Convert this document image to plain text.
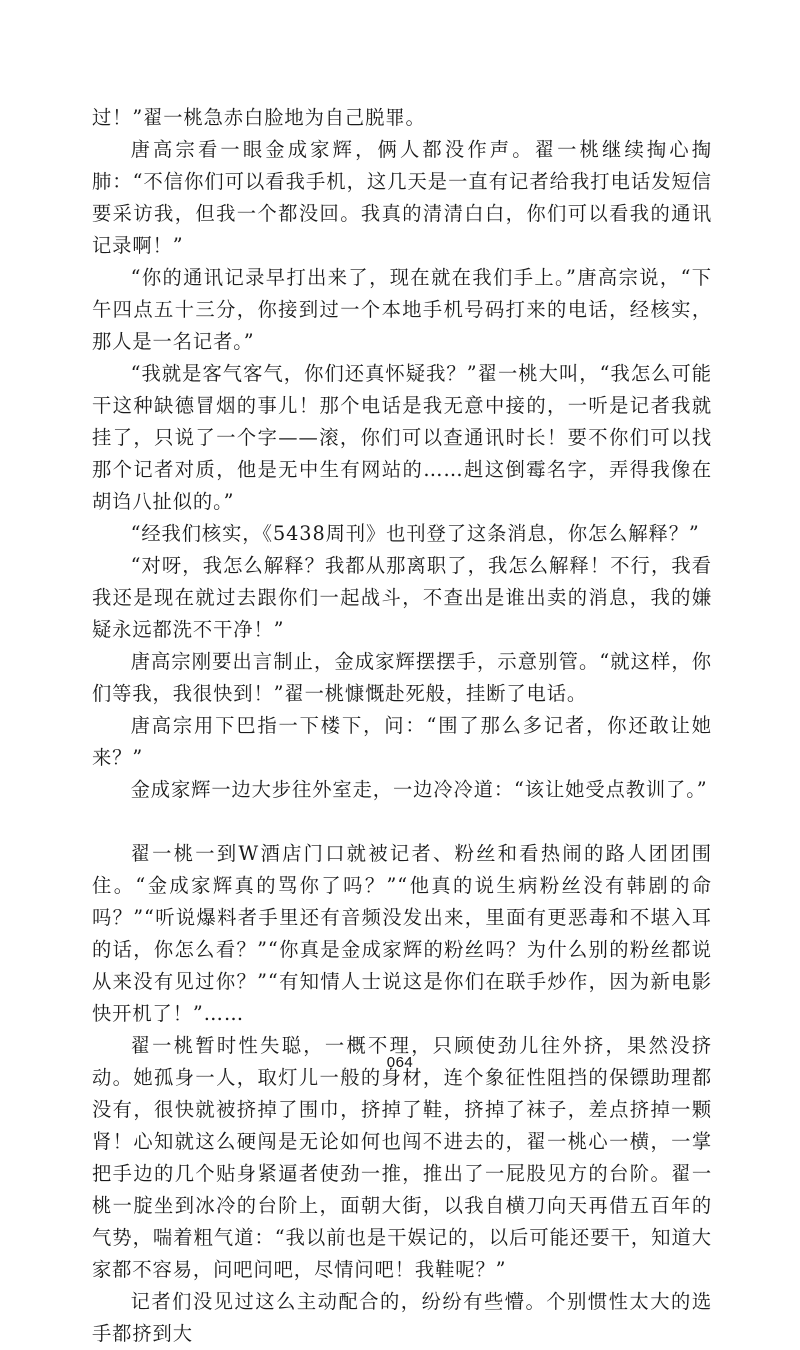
过！”翟一桃急赤白脸地为自己脱罪。

唐高宗看一眼金成家辉，俩人都没作声。翟一桃继续掏心掏肺：“不信你们可以看我手机，这几天是一直有记者给我打电话发短信要采访我，但我一个都没回。我真的清清白白，你们可以看我的通讯记录啊！”

“你的通讯记录早打出来了，现在就在我们手上。”唐高宗说，“下午四点五十三分，你接到过一个本地手机号码打来的电话，经核实，那人是一名记者。”

“我就是客气客气，你们还真怀疑我？”翟一桃大叫，“我怎么可能干这种缺德冒烟的事儿！那个电话是我无意中接的，一听是记者我就挂了，只说了一个字——滚，你们可以查通讯时长！要不你们可以找那个记者对质，他是无中生有网站的……赳这倒霉名字，弄得我像在胡诌八扯似的。”

“经我们核实，《5438周刊》也刊登了这条消息，你怎么解释？”

“对呀，我怎么解释？我都从那离职了，我怎么解释！不行，我看我还是现在就过去跟你们一起战斗，不查出是谁出卖的消息，我的嫌疑永远都洗不干净！”

唐高宗刚要出言制止，金成家辉摆摆手，示意别管。“就这样，你们等我，我很快到！”翟一桃慷慨赴死般，挂断了电话。

唐高宗用下巴指一下楼下，问：“围了那么多记者，你还敢让她来？”

金成家辉一边大步往外室走，一边冷冷道：“该让她受点教训了。”

翟一桃一到W酒店门口就被记者、粉丝和看热闹的路人团团围住。“金成家辉真的骂你了吗？”“他真的说生病粉丝没有韩剧的命吗？”“听说爆料者手里还有音频没发出来，里面有更恶毒和不堪入耳的话，你怎么看？”“你真是金成家辉的粉丝吗？为什么别的粉丝都说从来没有见过你？”“有知情人士说这是你们在联手炒作，因为新电影快开机了！”……

翟一桃暂时性失聪，一概不理，只顾使劲儿往外挤，果然没挤动。她孤身一人，取灯儿一般的身材，连个象征性阻挡的保镖助理都没有，很快就被挤掉了围巾，挤掉了鞋，挤掉了袜子，差点挤掉一颗肾！心知就这么硬闯是无论如何也闯不进去的，翟一桃心一横，一掌把手边的几个贴身紧逼者使劲一推，推出了一屁股见方的台阶。翟一桃一腚坐到冰冷的台阶上，面朝大街，以我自横刀向天再借五百年的气势，喘着粗气道：“我以前也是干娱记的，以后可能还要干，知道大家都不容易，问吧问吧，尽情问吧！我鞋呢？”

记者们没见过这么主动配合的，纷纷有些懵。个别惯性太大的选手都挤到大

064
